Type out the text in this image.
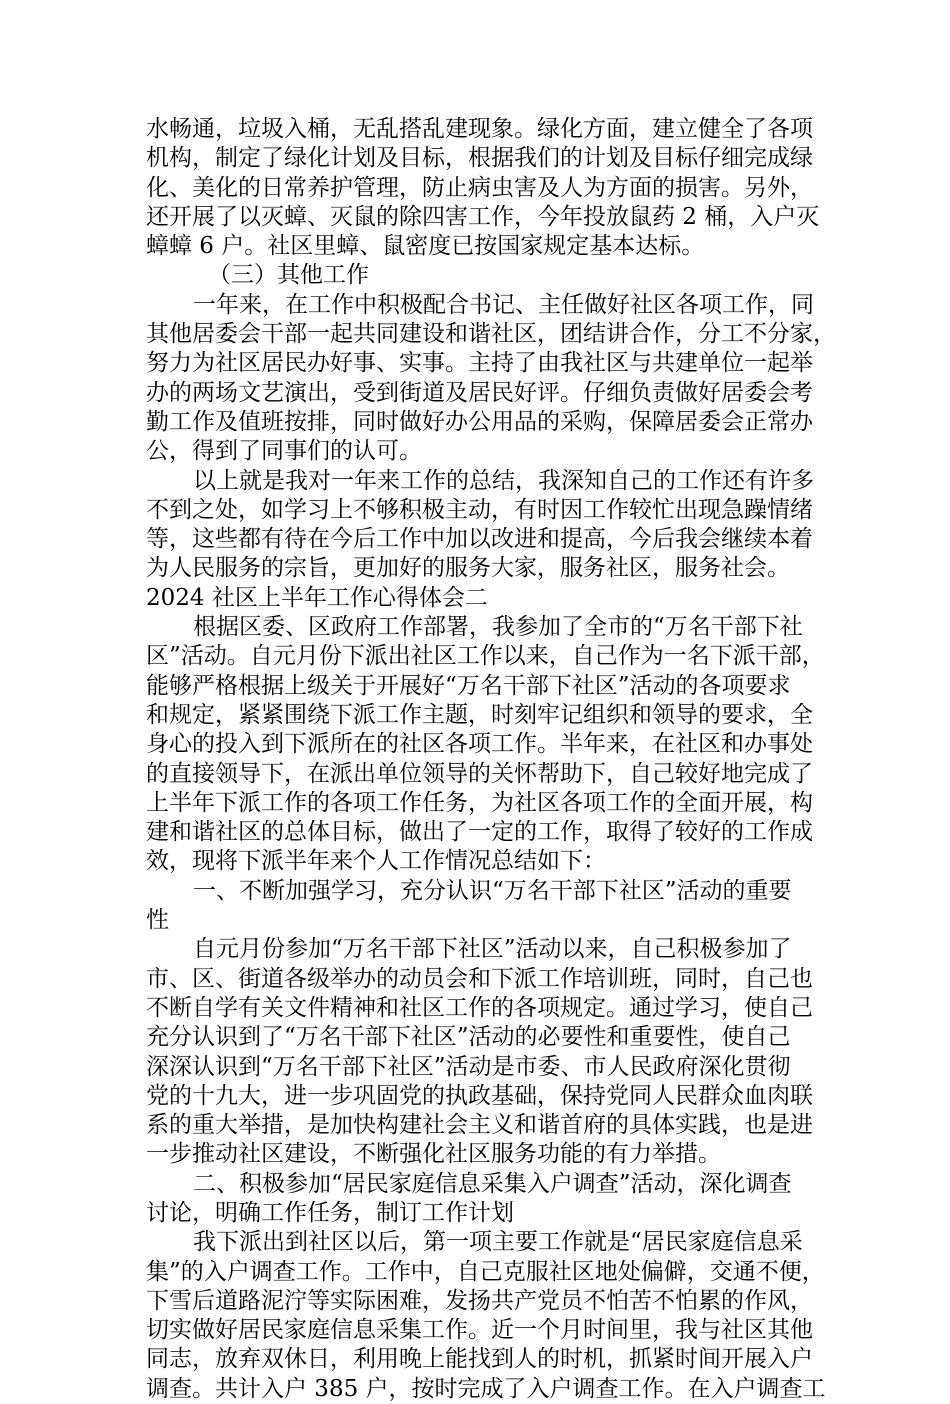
水畅通，垃圾入桶，无乱搭乱建现象。绿化方面，建立健全了各项
机构，制定了绿化计划及目标，根据我们的计划及目标仔细完成绿
化、美化的日常养护管理，防止病虫害及人为方面的损害。另外，
还开展了以灭蟑、灭鼠的除四害工作，今年投放鼠药 2 桶，入户灭
蟑蟑 6 户。社区里蟑、鼠密度已按国家规定基本达标。
（三）其他工作
一年来，在工作中积极配合书记、主任做好社区各项工作，同
其他居委会干部一起共同建设和谐社区，团结讲合作，分工不分家，
努力为社区居民办好事、实事。主持了由我社区与共建单位一起举
办的两场文艺演出，受到街道及居民好评。仔细负责做好居委会考
勤工作及值班按排，同时做好办公用品的采购，保障居委会正常办
公，得到了同事们的认可。
以上就是我对一年来工作的总结，我深知自己的工作还有许多
不到之处，如学习上不够积极主动，有时因工作较忙出现急躁情绪
等，这些都有待在今后工作中加以改进和提高，今后我会继续本着
为人民服务的宗旨，更加好的服务大家，服务社区，服务社会。
2024 社区上半年工作心得体会二
根据区委、区政府工作部署，我参加了全市的“万名干部下社
区”活动。自元月份下派出社区工作以来，自己作为一名下派干部，
能够严格根据上级关于开展好“万名干部下社区”活动的各项要求
和规定，紧紧围绕下派工作主题，时刻牢记组织和领导的要求，全
身心的投入到下派所在的社区各项工作。半年来，在社区和办事处
的直接领导下，在派出单位领导的关怀帮助下，自己较好地完成了
上半年下派工作的各项工作任务，为社区各项工作的全面开展，构
建和谐社区的总体目标，做出了一定的工作，取得了较好的工作成
效，现将下派半年来个人工作情况总结如下：
一、不断加强学习，充分认识“万名干部下社区”活动的重要
性
自元月份参加“万名干部下社区”活动以来，自己积极参加了
市、区、街道各级举办的动员会和下派工作培训班，同时，自己也
不断自学有关文件精神和社区工作的各项规定。通过学习，使自己
充分认识到了“万名干部下社区”活动的必要性和重要性，使自己
深深认识到“万名干部下社区”活动是市委、市人民政府深化贯彻
党的十九大，进一步巩固党的执政基础，保持党同人民群众血肉联
系的重大举措，是加快构建社会主义和谐首府的具体实践，也是进
一步推动社区建设，不断强化社区服务功能的有力举措。
二、积极参加“居民家庭信息采集入户调查”活动，深化调查
讨论，明确工作任务，制订工作计划
我下派出到社区以后，第一项主要工作就是“居民家庭信息采
集”的入户调查工作。工作中，自己克服社区地处偏僻，交通不便，
下雪后道路泥泞等实际困难，发扬共产党员不怕苦不怕累的作风，
切实做好居民家庭信息采集工作。近一个月时间里，我与社区其他
同志，放弃双休日，利用晚上能找到人的时机，抓紧时间开展入户
调查。共计入户 385 户，按时完成了入户调查工作。在入户调查工
